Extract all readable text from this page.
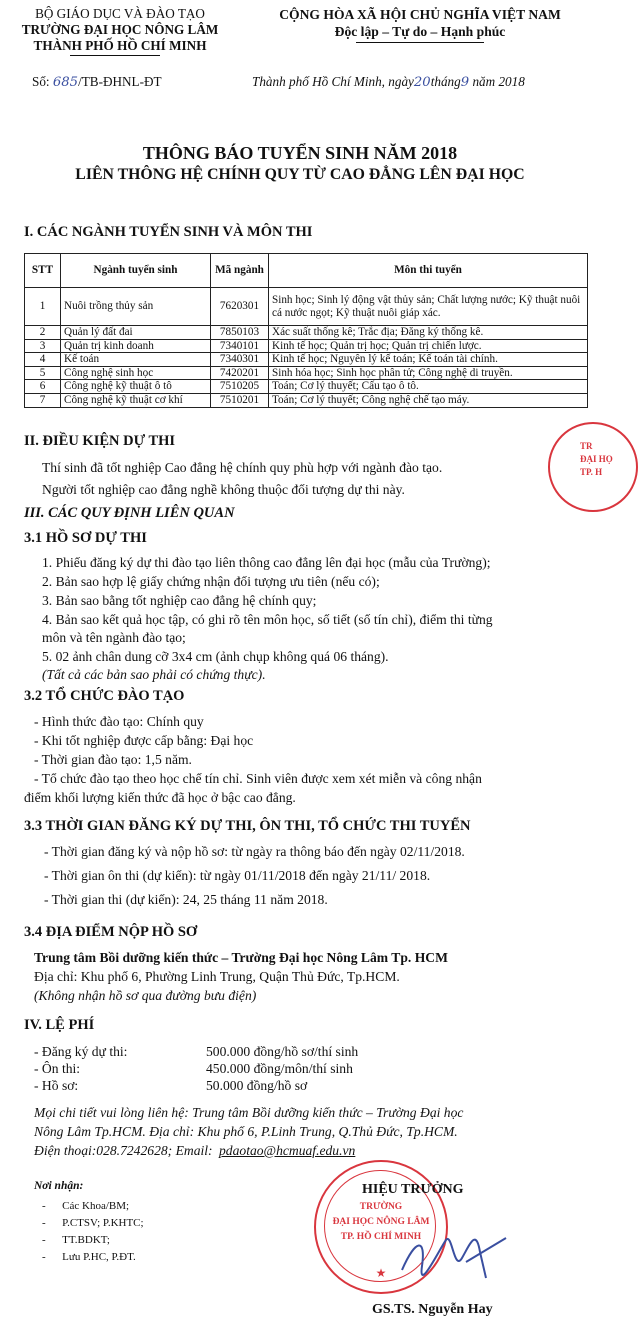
BỘ GIÁO DỤC VÀ ĐÀO TẠO
TRƯỜNG ĐẠI HỌC NÔNG LÂM
THÀNH PHỐ HỒ CHÍ MINH
Số: 685/TB-ĐHNL-ĐT
CỘNG HÒA XÃ HỘI CHỦ NGHĨA VIỆT NAM
Độc lập – Tự do – Hạnh phúc
Thành phố Hồ Chí Minh, ngày20tháng9 năm 2018
THÔNG BÁO TUYỂN SINH NĂM 2018
LIÊN THÔNG HỆ CHÍNH QUY TỪ CAO ĐẲNG LÊN ĐẠI HỌC
I. CÁC NGÀNH TUYỂN SINH VÀ MÔN THI
STT	Ngành tuyển sinh	Mã ngành	Môn thi tuyển
1	Nuôi trồng thủy sản	7620301	Sinh học; Sinh lý động vật thủy sản; Chất lượng nước; Kỹ thuật nuôi cá nước ngọt; Kỹ thuật nuôi giáp xác.
2	Quản lý đất đai	7850103	Xác suất thống kê; Trắc địa; Đăng ký thống kê.
3	Quản trị kinh doanh	7340101	Kinh tế học; Quản trị học; Quản trị chiến lược.
4	Kế toán	7340301	Kinh tế học; Nguyên lý kế toán; Kế toán tài chính.
5	Công nghệ sinh học	7420201	Sinh hóa học; Sinh học phân tử; Công nghệ di truyền.
6	Công nghệ kỹ thuật ô tô	7510205	Toán; Cơ lý thuyết; Cấu tạo ô tô.
7	Công nghệ kỹ thuật cơ khí	7510201	Toán; Cơ lý thuyết; Công nghệ chế tạo máy.
TR
ĐẠI HỌ
TP. H
II. ĐIỀU KIỆN DỰ THI
Thí sinh đã tốt nghiệp Cao đẳng hệ chính quy phù hợp với ngành đào tạo.
Người tốt nghiệp cao đẳng nghề không thuộc đối tượng dự thi này.
III. CÁC QUY ĐỊNH LIÊN QUAN
3.1 HỒ SƠ DỰ THI
1. Phiếu đăng ký dự thi đào tạo liên thông cao đẳng lên đại học (mẫu của Trường);
2. Bản sao hợp lệ giấy chứng nhận đối tượng ưu tiên (nếu có);
3. Bản sao bằng tốt nghiệp cao đẳng hệ chính quy;
4. Bản sao kết quả học tập, có ghi rõ tên môn học, số tiết (số tín chỉ), điểm thi từng
môn và tên ngành đào tạo;
5. 02 ảnh chân dung cỡ 3x4 cm (ảnh chụp không quá 06 tháng).
(Tất cả các bản sao phải có chứng thực).
3.2 TỔ CHỨC ĐÀO TẠO
- Hình thức đào tạo: Chính quy
- Khi tốt nghiệp được cấp bằng: Đại học
- Thời gian đào tạo: 1,5 năm.
- Tổ chức đào tạo theo học chế tín chỉ. Sinh viên được xem xét miễn và công nhận
điểm khối lượng kiến thức đã học ở bậc cao đẳng.
3.3 THỜI GIAN ĐĂNG KÝ DỰ THI, ÔN THI, TỔ CHỨC THI TUYỂN
- Thời gian đăng ký và nộp hồ sơ: từ ngày ra thông báo đến ngày 02/11/2018.
- Thời gian ôn thi (dự kiến): từ ngày 01/11/2018 đến ngày 21/11/ 2018.
- Thời gian thi (dự kiến): 24, 25 tháng 11 năm 2018.
3.4 ĐỊA ĐIỂM NỘP HỒ SƠ
Trung tâm Bồi dưỡng kiến thức – Trường Đại học Nông Lâm Tp. HCM
Địa chỉ: Khu phố 6, Phường Linh Trung, Quận Thủ Đức, Tp.HCM.
(Không nhận hồ sơ qua đường bưu điện)
IV. LỆ PHÍ
- Đăng ký dự thi:	500.000 đồng/hồ sơ/thí sinh
- Ôn thi:	450.000 đồng/môn/thí sinh
- Hồ sơ:	50.000 đồng/hồ sơ
Mọi chi tiết vui lòng liên hệ: Trung tâm Bồi dưỡng kiến thức – Trường Đại học
Nông Lâm Tp.HCM. Địa chỉ: Khu phố 6, P.Linh Trung, Q.Thủ Đức, Tp.HCM.
Điện thoại:028.7242628; Email: pdaotao@hcmuaf.edu.vn
Nơi nhận:
-      Các Khoa/BM;
-      P.CTSV; P.KHTC;
-      TT.BDKT;
-      Lưu P.HC, P.ĐT.
TRƯỜNG
ĐẠI HỌC NÔNG LÂM
TP. HỒ CHÍ MINH
★
HIỆU TRƯỞNG
GS.TS. Nguyễn Hay
